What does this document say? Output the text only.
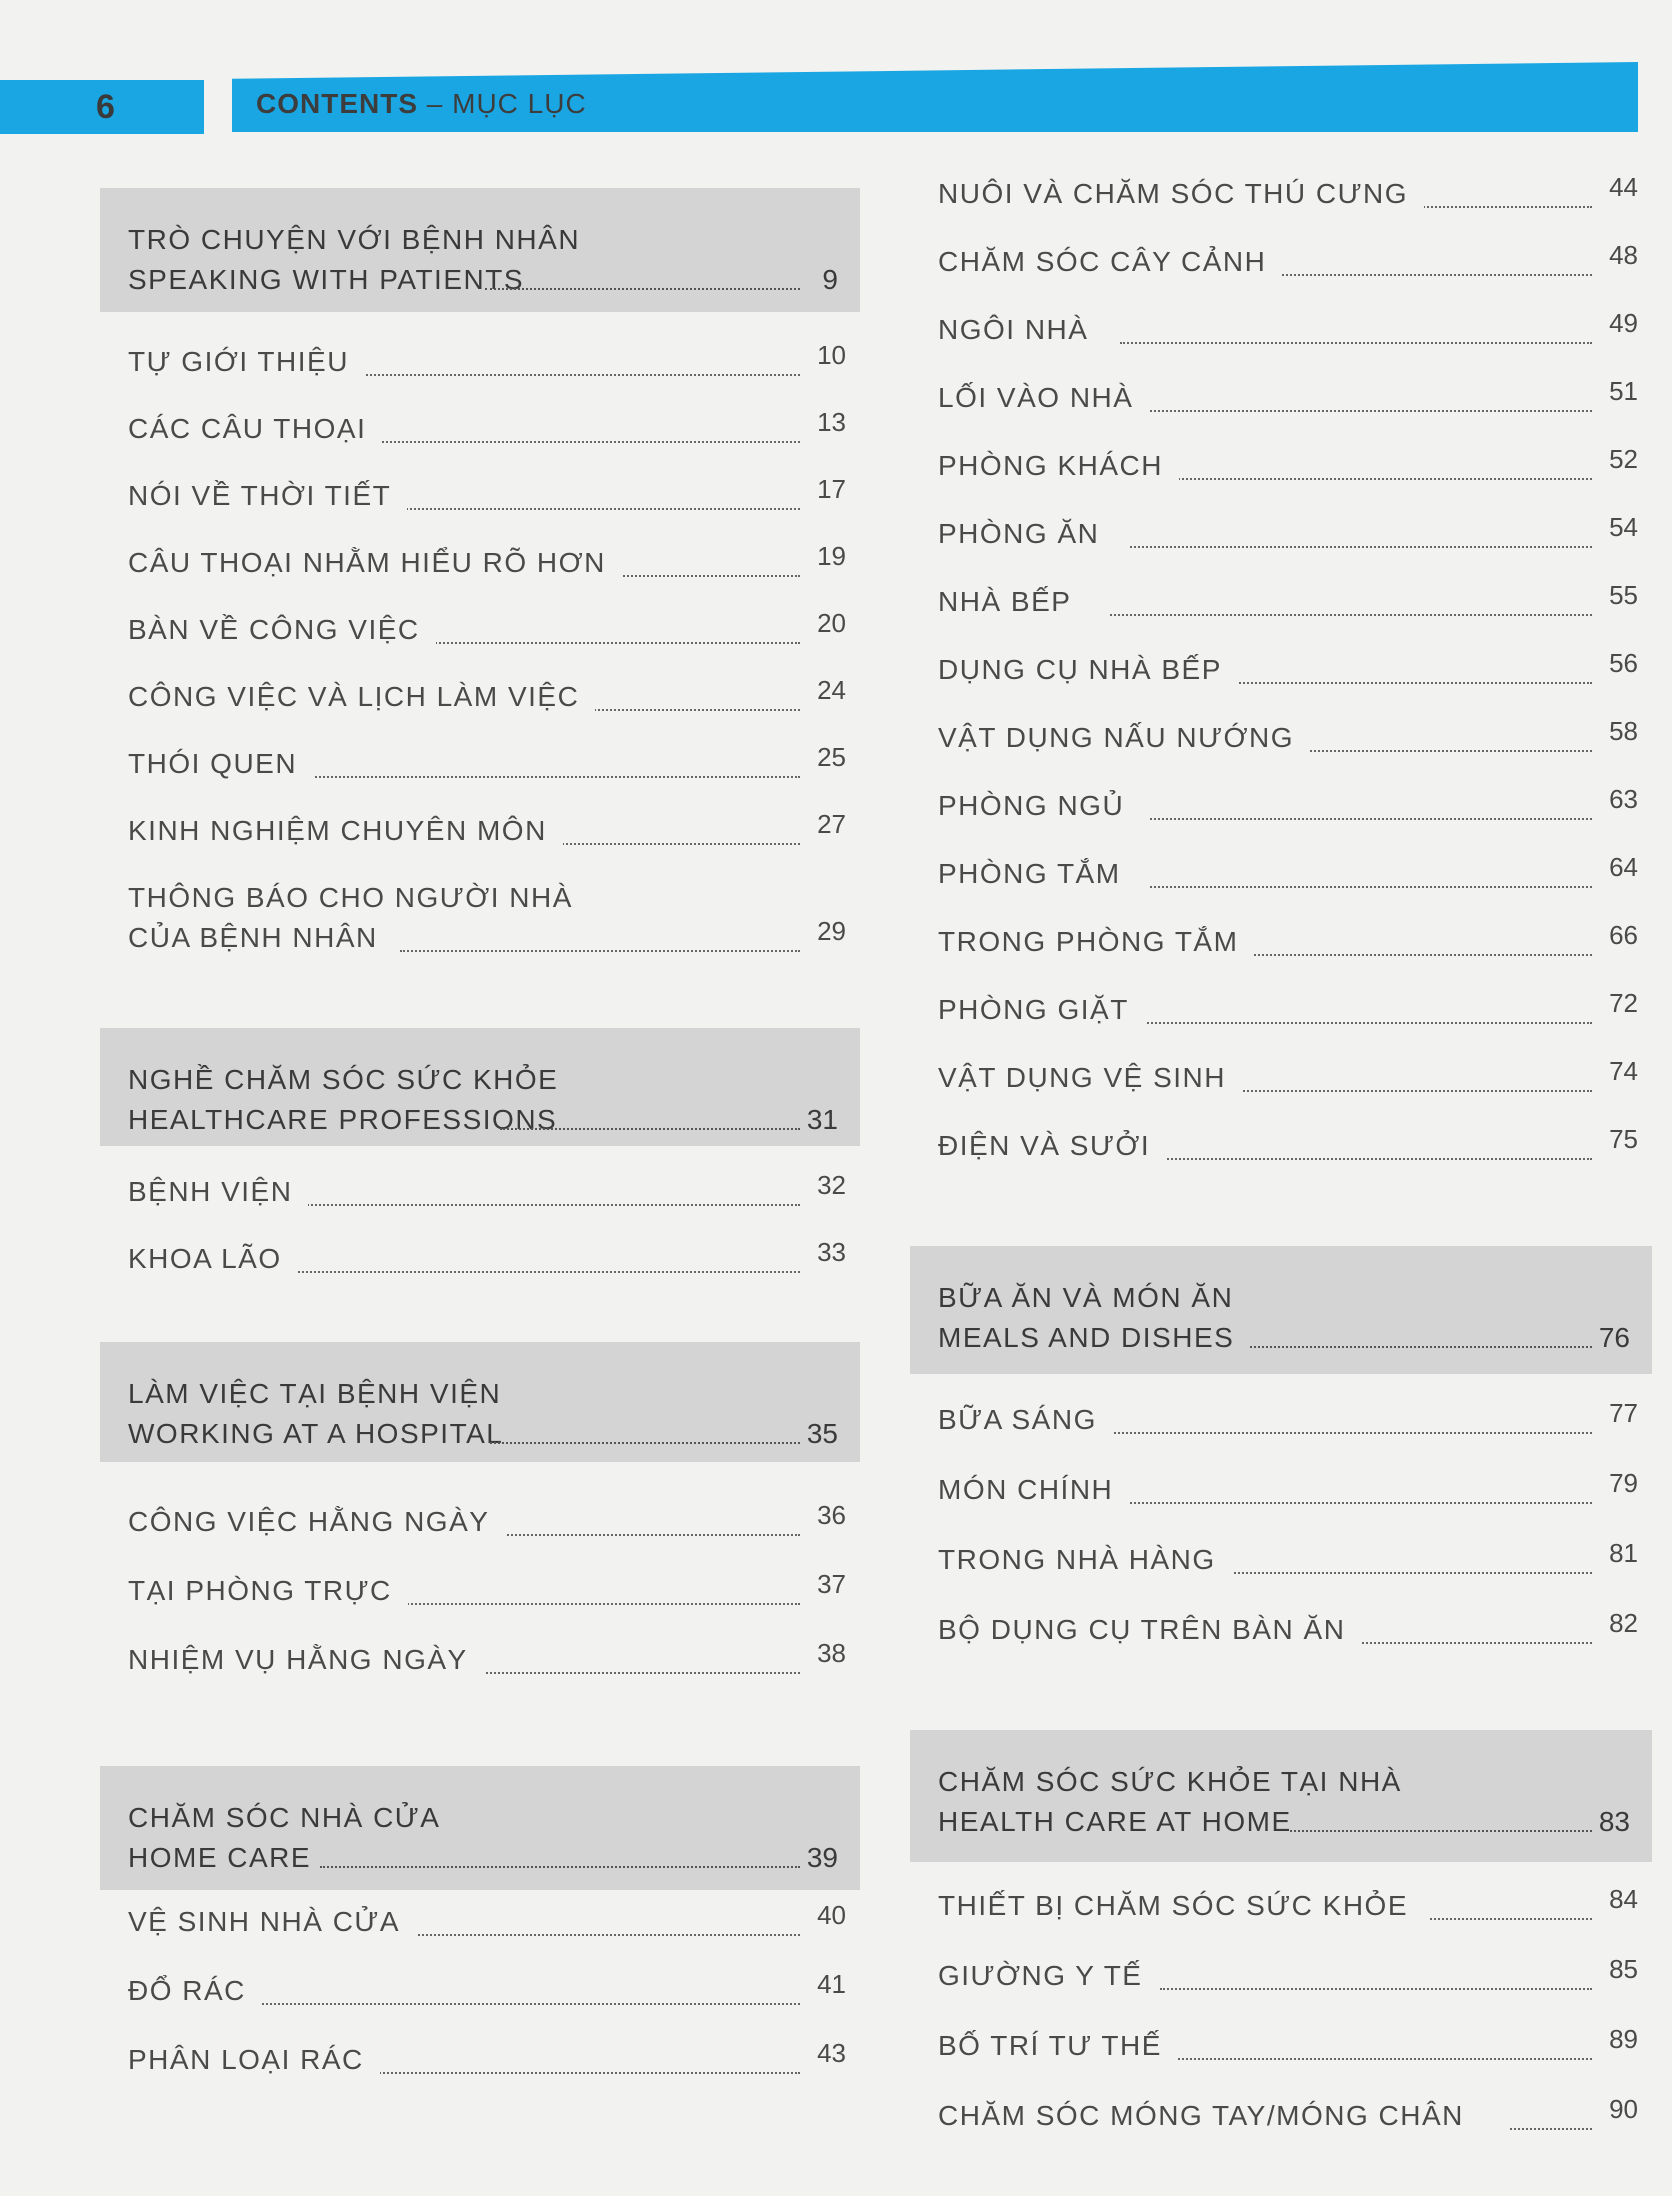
6	CONTENTS – MỤC LỤC
TRÒ CHUYỆN VỚI BỆNH NHÂN
SPEAKING WITH PATIENTS	9
TỰ GIỚI THIỆU	10
CÁC CÂU THOẠI	13
NÓI VỀ THỜI TIẾT	17
CÂU THOẠI NHẰM HIỂU RÕ HƠN	19
BÀN VỀ CÔNG VIỆC	20
CÔNG VIỆC VÀ LỊCH LÀM VIỆC	24
THÓI QUEN	25
KINH NGHIỆM CHUYÊN MÔN	27
THÔNG BÁO CHO NGƯỜI NHÀ
CỦA BỆNH NHÂN	29
NGHỀ CHĂM SÓC SỨC KHỎE
HEALTHCARE PROFESSIONS	31
BỆNH VIỆN	32
KHOA LÃO	33
LÀM VIỆC TẠI BỆNH VIỆN
WORKING AT A HOSPITAL	35
CÔNG VIỆC HẰNG NGÀY	36
TẠI PHÒNG TRỰC	37
NHIỆM VỤ HẰNG NGÀY	38
CHĂM SÓC NHÀ CỬA
HOME CARE	39
VỆ SINH NHÀ CỬA	40
ĐỔ RÁC	41
PHÂN LOẠI RÁC	43
NUÔI VÀ CHĂM SÓC THÚ CƯNG	44
CHĂM SÓC CÂY CẢNH	48
NGÔI NHÀ	49
LỐI VÀO NHÀ	51
PHÒNG KHÁCH	52
PHÒNG ĂN	54
NHÀ BẾP	55
DỤNG CỤ NHÀ BẾP	56
VẬT DỤNG NẤU NƯỚNG	58
PHÒNG NGỦ	63
PHÒNG TẮM	64
TRONG PHÒNG TẮM	66
PHÒNG GIẶT	72
VẬT DỤNG VỆ SINH	74
ĐIỆN VÀ SƯỞI	75
BỮA ĂN VÀ MÓN ĂN
MEALS AND DISHES	76
BỮA SÁNG	77
MÓN CHÍNH	79
TRONG NHÀ HÀNG	81
BỘ DỤNG CỤ TRÊN BÀN ĂN	82
CHĂM SÓC SỨC KHỎE TẠI NHÀ
HEALTH CARE AT HOME	83
THIẾT BỊ CHĂM SÓC SỨC KHỎE	84
GIƯỜNG Y TẾ	85
BỐ TRÍ TƯ THẾ	89
CHĂM SÓC MÓNG TAY/MÓNG CHÂN	90
